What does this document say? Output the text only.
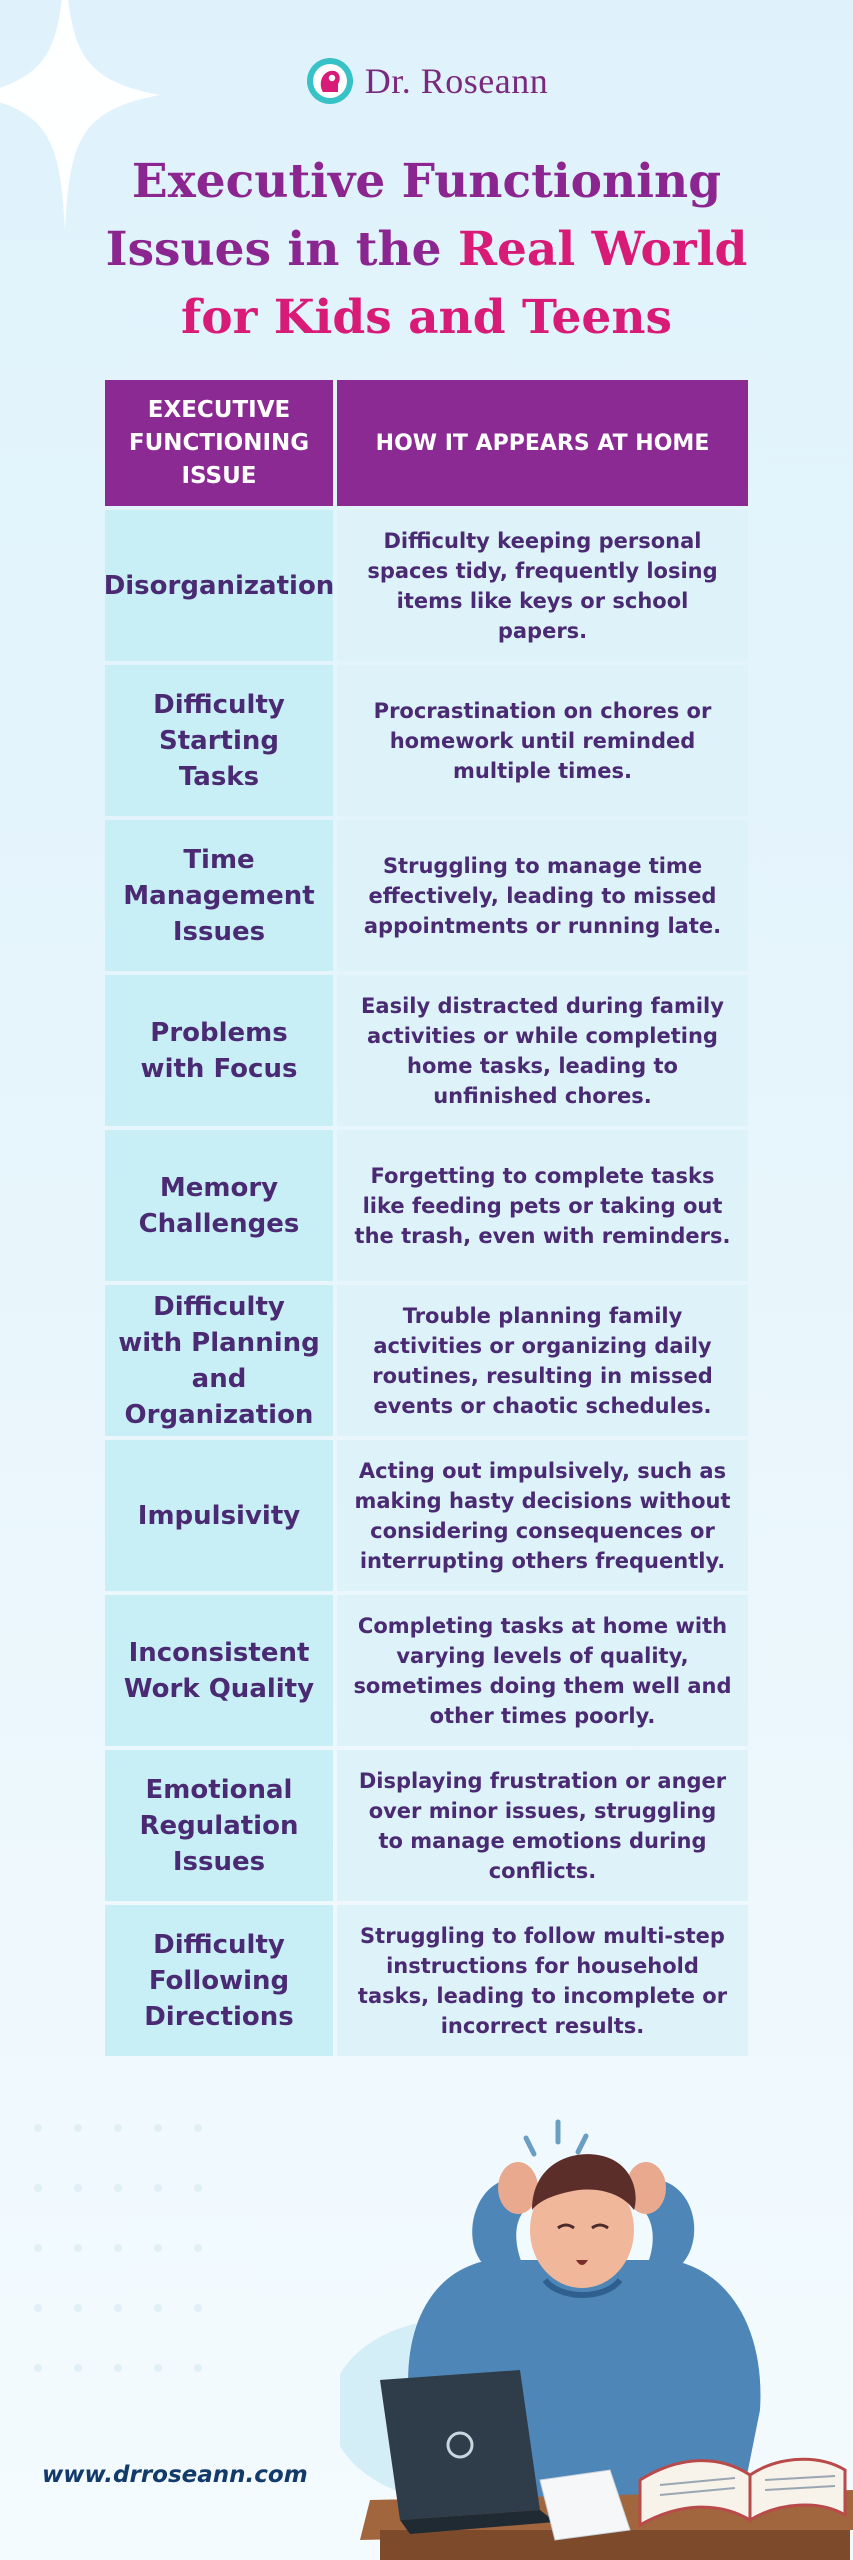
Dr. Roseann
Executive Functioning
Issues in the Real World
for Kids and Teens
EXECUTIVE
FUNCTIONING
ISSUE
HOW IT APPEARS AT HOME
Disorganization
Difficulty keeping personal spaces tidy, frequently losing items like keys or school papers.
Difficulty Starting Tasks
Procrastination on chores or homework until reminded multiple times.
Time Management Issues
Struggling to manage time effectively, leading to missed appointments or running late.
Problems with Focus
Easily distracted during family activities or while completing home tasks, leading to unfinished chores.
Memory Challenges
Forgetting to complete tasks like feeding pets or taking out the trash, even with reminders.
Difficulty with Planning and Organization
Trouble planning family activities or organizing daily routines, resulting in missed events or chaotic schedules.
Impulsivity
Acting out impulsively, such as making hasty decisions without considering consequences or interrupting others frequently.
Inconsistent Work Quality
Completing tasks at home with varying levels of quality, sometimes doing them well and other times poorly.
Emotional Regulation Issues
Displaying frustration or anger over minor issues, struggling to manage emotions during conflicts.
Difficulty Following Directions
Struggling to follow multi-step instructions for household tasks, leading to incomplete or incorrect results.
www.drroseann.com
